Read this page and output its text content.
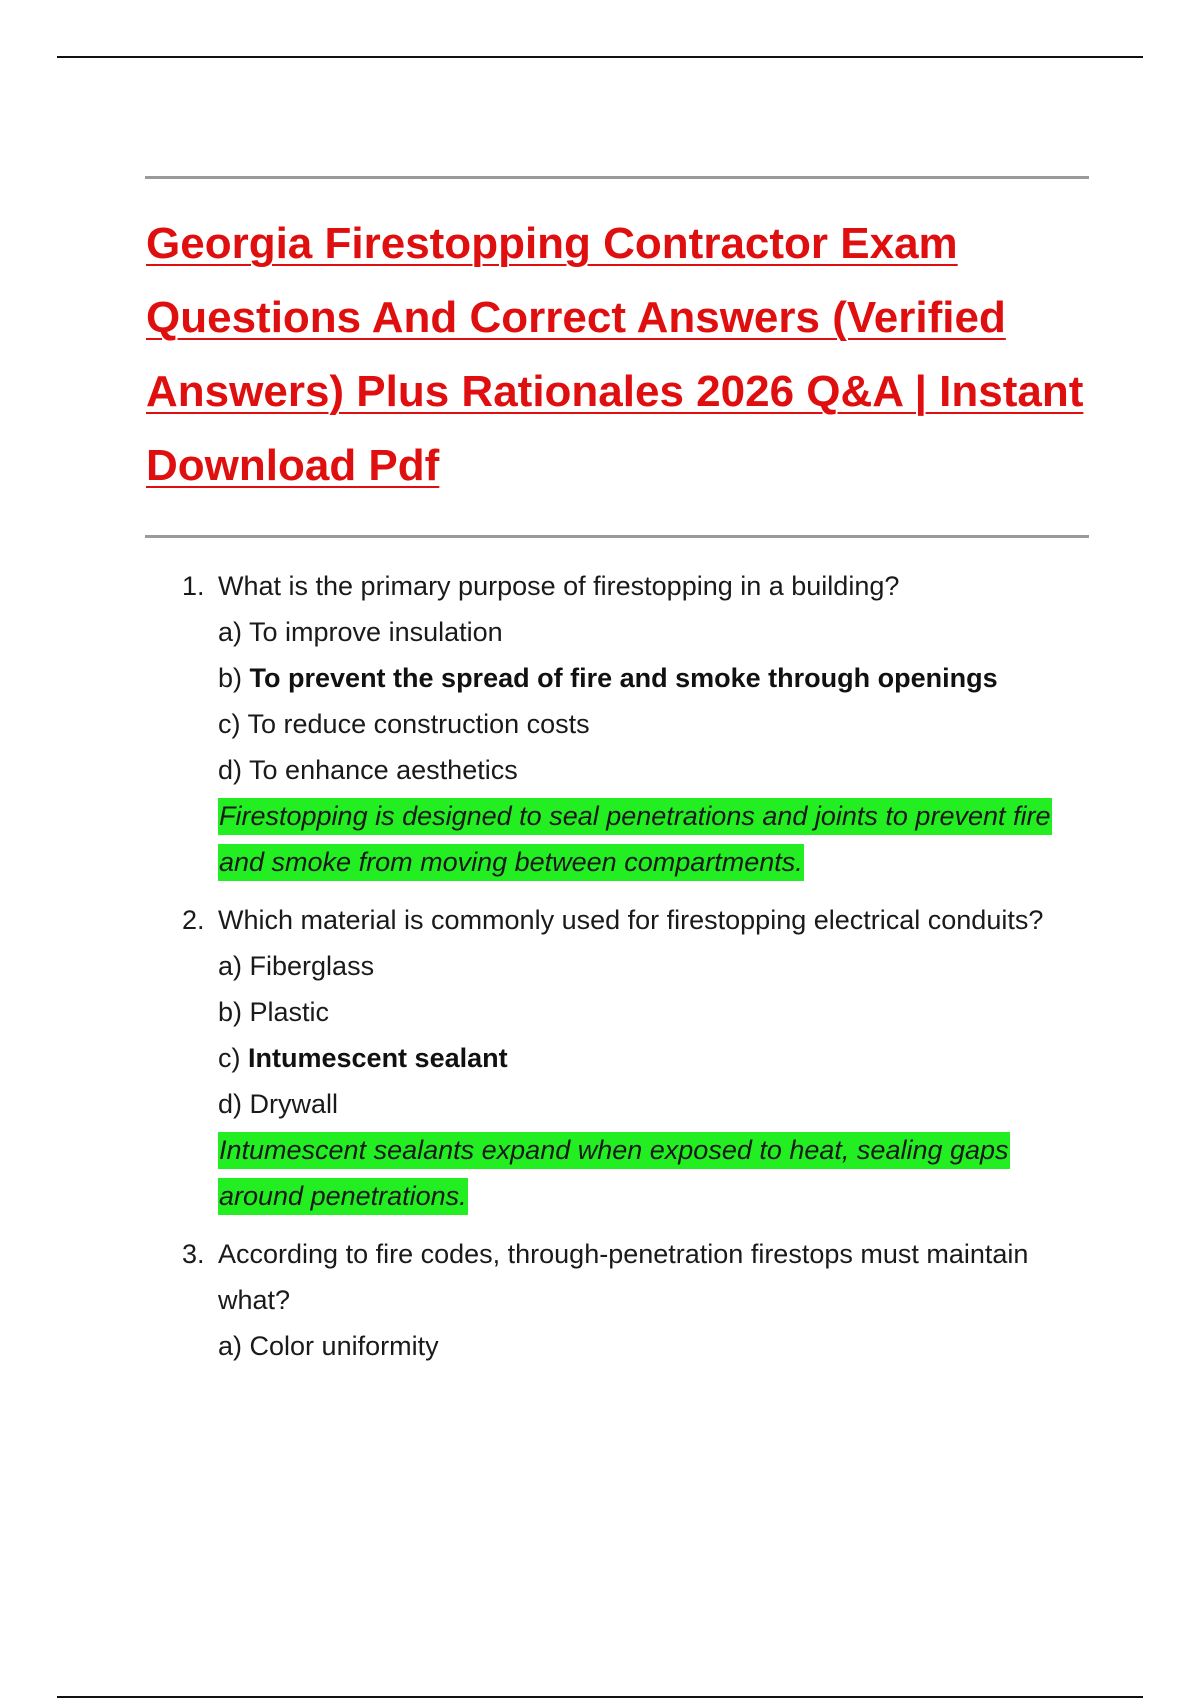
Georgia Firestopping Contractor Exam Questions And Correct Answers (Verified Answers) Plus Rationales 2026 Q&A | Instant Download Pdf
1. What is the primary purpose of firestopping in a building?
a) To improve insulation
b) To prevent the spread of fire and smoke through openings
c) To reduce construction costs
d) To enhance aesthetics
Firestopping is designed to seal penetrations and joints to prevent fire and smoke from moving between compartments.
2. Which material is commonly used for firestopping electrical conduits?
a) Fiberglass
b) Plastic
c) Intumescent sealant
d) Drywall
Intumescent sealants expand when exposed to heat, sealing gaps around penetrations.
3. According to fire codes, through-penetration firestops must maintain what?
a) Color uniformity
